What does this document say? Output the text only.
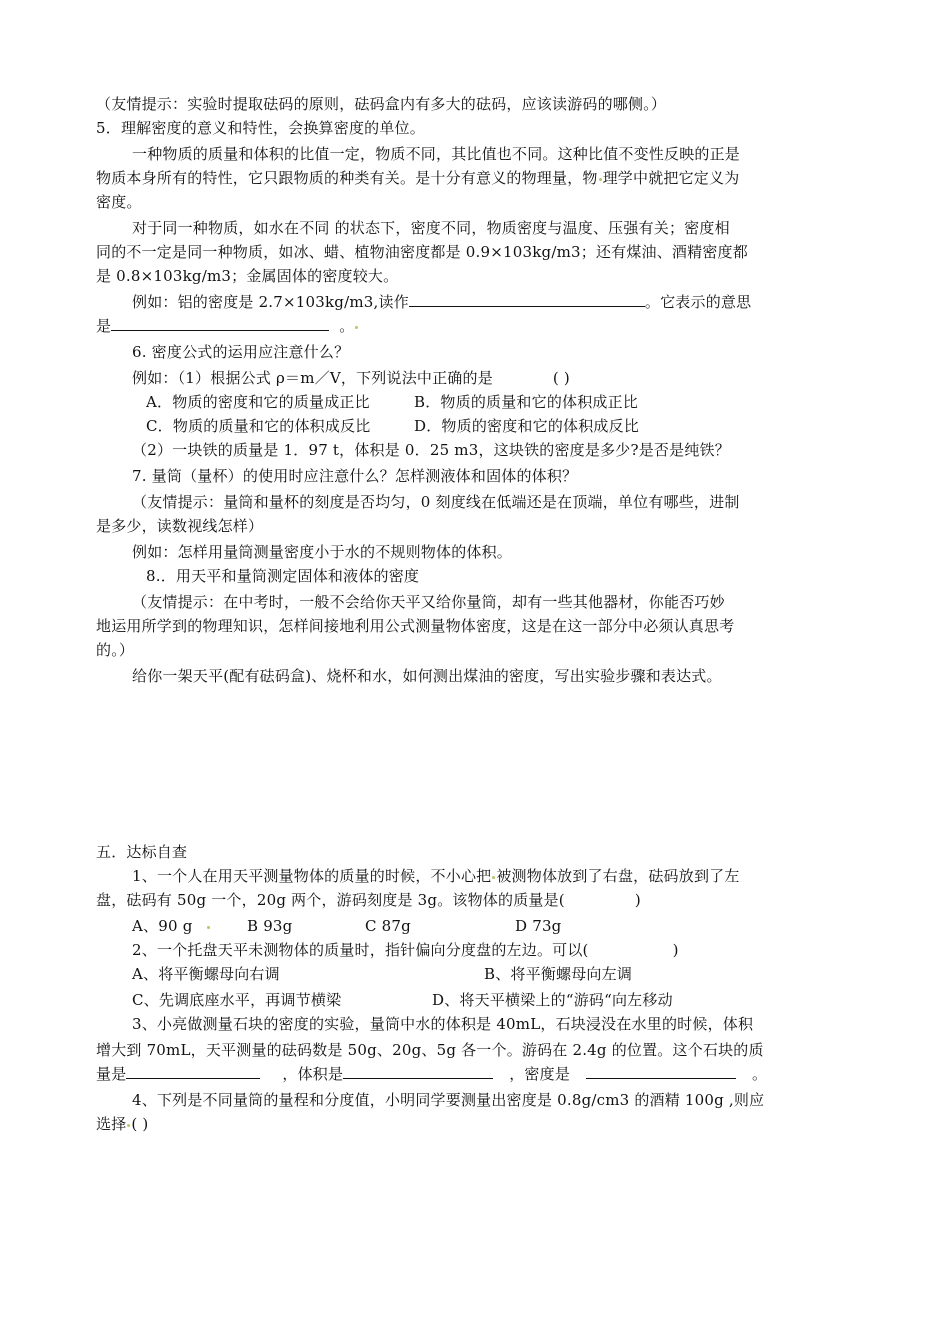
（友情提示：实验时提取砝码的原则，砝码盒内有多大的砝码，应该读游码的哪侧。）
5．理解密度的意义和特性，会换算密度的单位。
一种物质的质量和体积的比值一定，物质不同，其比值也不同。这种比值不变性反映的正是
物质本身所有的特性，它只跟物质的种类有关。是十分有意义的物理量，物 理学中就把它定义为
密度。
对于同一种物质，如水在不同 的状态下，密度不同，物质密度与温度、压强有关；密度相
同的不一定是同一种物质，如冰、蜡、植物油密度都是 0.9×103kg/m3；还有煤油、酒精密度都
是 0.8×103kg/m3；金属固体的密度较大。
例如：铝的密度是 2.7×103kg/m3,读作	。它表示的意思
是	。
6. 密度公式的运用应注意什么？
例如：（1）根据公式 ρ＝m／V，下列说法中正确的是	( )
A．物质的密度和它的质量成正比	B．物质的质量和它的体积成正比
C．物质的质量和它的体积成反比	D．物质的密度和它的体积成反比
（2）一块铁的质量是 1．97 t，体积是 0．25 m3，这块铁的密度是多少?是否是纯铁？
7. 量筒（量杯）的使用时应注意什么？怎样测液体和固体的体积？
（友情提示：量筒和量杯的刻度是否均匀，0 刻度线在低端还是在顶端，单位有哪些，进制
是多少，读数视线怎样）
例如：怎样用量筒测量密度小于水的不规则物体的体积。
8.．用天平和量筒测定固体和液体的密度
（友情提示：在中考时，一般不会给你天平又给你量筒，却有一些其他器材，你能否巧妙
地运用所学到的物理知识，怎样间接地利用公式测量物体密度，这是在这一部分中必须认真思考
的。）
给你一架天平(配有砝码盒)、烧杯和水，如何测出煤油的密度，写出实验步骤和表达式。
五．达标自查
1、一个人在用天平测量物体的质量的时候，不小心把 被测物体放到了右盘，砝码放到了左
盘，砝码有 50g 一个，20g 两个，游码刻度是 3g。该物体的质量是(	)
A、90 g	B 93g	C 87g	D 73g
2、一个托盘天平未测物体的质量时，指针偏向分度盘的左边。可以(	)
A、将平衡螺母向右调	B、将平衡螺母向左调
C、先调底座水平，再调节横梁	D、将天平横梁上的“游码“向左移动
3、小亮做测量石块的密度的实验，量筒中水的体积是 40mL，石块浸没在水里的时候，体积
增大到 70mL，天平测量的砝码数是 50g、20g、5g 各一个。游码在 2.4g 的位置。这个石块的质
量是	，体积是	，密度是	。
4、下列是不同量筒的量程和分度值，小明同学要测量出密度是 0.8g/cm3 的酒精 100g ,则应
选择 ( )
